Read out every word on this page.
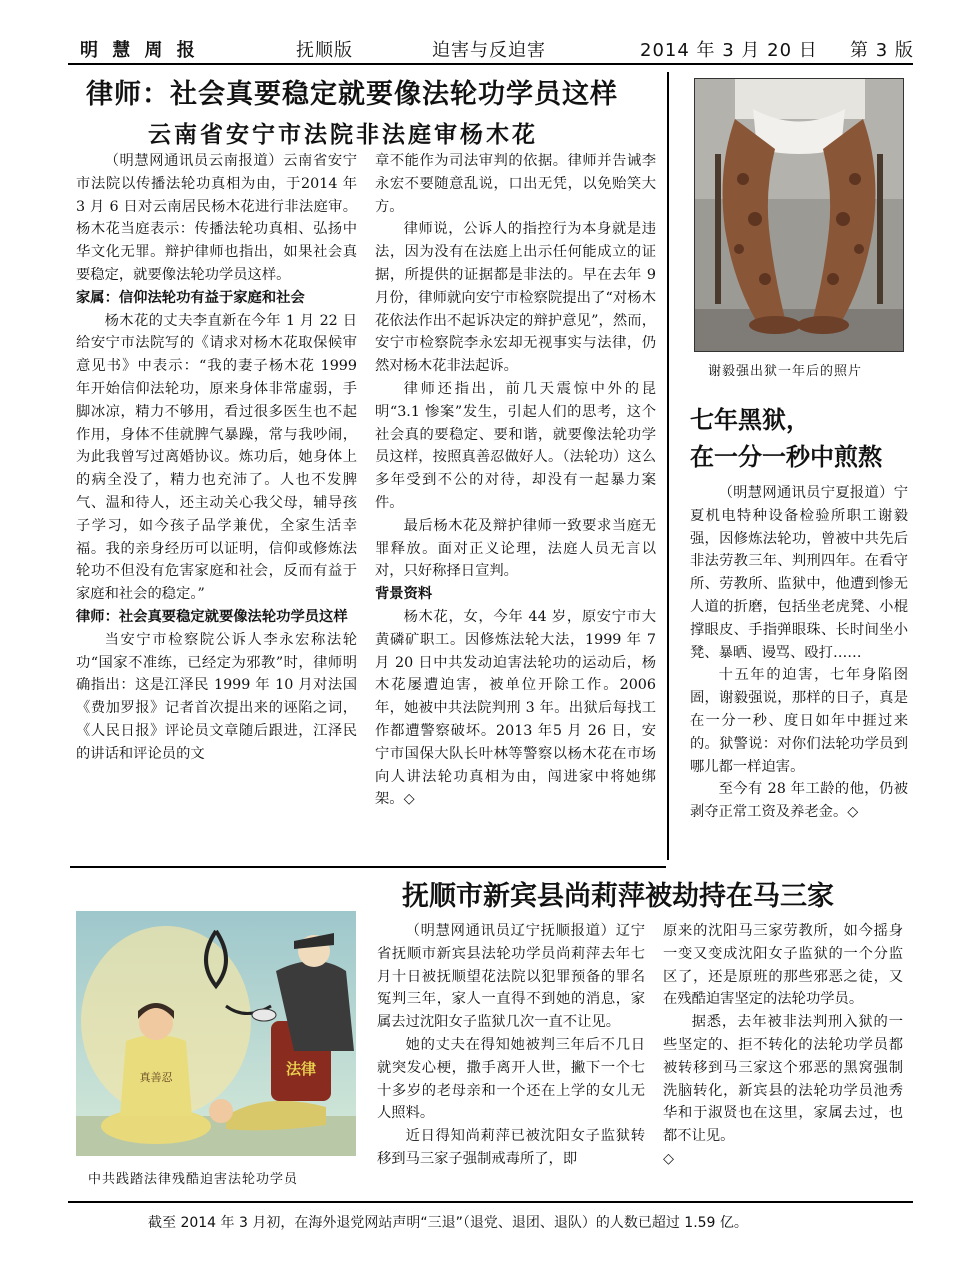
明 慧 周 报	抚顺版	迫害与反迫害	2014 年 3 月 20 日 第 3 版
律师：社会真要稳定就要像法轮功学员这样
云南省安宁市法院非法庭审杨木花

（明慧网通讯员云南报道）云南省安宁市法院以传播法轮功真相为由，于2014 年 3 月 6 日对云南居民杨木花进行非法庭审。杨木花当庭表示：传播法轮功真相、弘扬中华文化无罪。辩护律师也指出，如果社会真要稳定，就要像法轮功学员这样。

家属：信仰法轮功有益于家庭和社会

杨木花的丈夫李直新在今年 1 月 22 日给安宁市法院写的《请求对杨木花取保候审意见书》中表示：“我的妻子杨木花 1999 年开始信仰法轮功，原来身体非常虚弱，手脚冰凉，精力不够用，看过很多医生也不起作用，身体不佳就脾气暴躁，常与我吵闹，为此我曾写过离婚协议。炼功后，她身体上的病全没了，精力也充沛了。人也不发脾气、温和待人，还主动关心我父母，辅导孩子学习，如今孩子品学兼优，全家生活幸福。我的亲身经历可以证明，信仰或修炼法轮功不但没有危害家庭和社会，反而有益于家庭和社会的稳定。”

律师：社会真要稳定就要像法轮功学员这样

当安宁市检察院公诉人李永宏称法轮功“国家不准练，已经定为邪教”时，律师明确指出：这是江泽民 1999 年 10 月对法国《费加罗报》记者首次提出来的诬陷之词，《人民日报》评论员文章随后跟进，江泽民的讲话和评论员的文

章不能作为司法审判的依据。律师并告诫李永宏不要随意乱说，口出无凭，以免贻笑大方。

律师说，公诉人的指控行为本身就是违法，因为没有在法庭上出示任何能成立的证据，所提供的证据都是非法的。早在去年 9 月份，律师就向安宁市检察院提出了“对杨木花依法作出不起诉决定的辩护意见”，然而，安宁市检察院李永宏却无视事实与法律，仍然对杨木花非法起诉。

律师还指出，前几天震惊中外的昆明“3.1 惨案”发生，引起人们的思考，这个社会真的要稳定、要和谐，就要像法轮功学员这样，按照真善忍做好人。（法轮功）这么多年受到不公的对待，却没有一起暴力案件。

最后杨木花及辩护律师一致要求当庭无罪释放。面对正义论理，法庭人员无言以对，只好称择日宣判。

背景资料

杨木花，女，今年 44 岁，原安宁市大黄磷矿职工。因修炼法轮大法，1999 年 7 月 20 日中共发动迫害法轮功的运动后，杨木花屡遭迫害，被单位开除工作。2006 年，她被中共法院判刑 3 年。出狱后每找工作都遭警察破坏。2013 年5 月 26 日，安宁市国保大队长叶林等警察以杨木花在市场向人讲法轮功真相为由，闯进家中将她绑架。◇

谢毅强出狱一年后的照片
七年黑狱，
在一分一秒中煎熬

（明慧网通讯员宁夏报道）宁夏机电特种设备检验所职工谢毅强，因修炼法轮功，曾被中共先后非法劳教三年、判刑四年。在看守所、劳教所、监狱中，他遭到惨无人道的折磨，包括坐老虎凳、小棍撑眼皮、手指弹眼珠、长时间坐小凳、暴晒、谩骂、殴打……

十五年的迫害，七年身陷囹圄，谢毅强说，那样的日子，真是在一分一秒、度日如年中捱过来的。狱警说：对你们法轮功学员到哪儿都一样迫害。

至今有 28 年工龄的他，仍被剥夺正常工资及养老金。◇

抚顺市新宾县尚莉萍被劫持在马三家

（明慧网通讯员辽宁抚顺报道）辽宁省抚顺市新宾县法轮功学员尚莉萍去年七月十日被抚顺望花法院以犯罪预备的罪名冤判三年，家人一直得不到她的消息，家属去过沈阳女子监狱几次一直不让见。

她的丈夫在得知她被判三年后不几日就突发心梗，撒手离开人世，撇下一个七十多岁的老母亲和一个还在上学的女儿无人照料。

近日得知尚莉萍已被沈阳女子监狱转移到马三家子强制戒毒所了，即

原来的沈阳马三家劳教所，如今摇身一变又变成沈阳女子监狱的一个分监区了，还是原班的那些邪恶之徒，又在残酷迫害坚定的法轮功学员。

据悉，去年被非法判刑入狱的一些坚定的、拒不转化的法轮功学员都被转移到马三家这个邪恶的黑窝强制洗脑转化，新宾县的法轮功学员池秀华和于淑贤也在这里，家属去过，也都不让见。

◇

真善忍	法律
中共践踏法律残酷迫害法轮功学员
截至 2014 年 3 月初，在海外退党网站声明“三退”（退党、退团、退队）的人数已超过 1.59 亿。
